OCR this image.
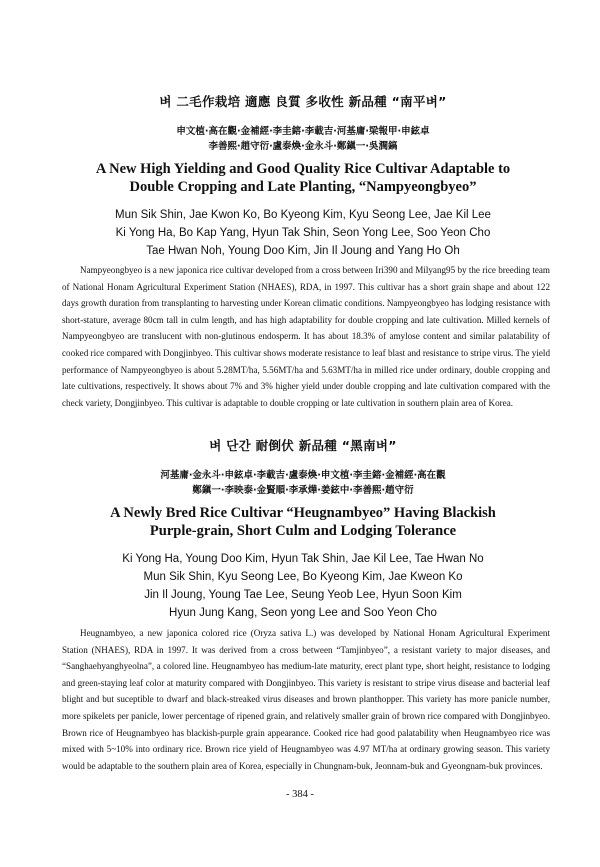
벼 二毛作栽培 適應 良質 多收性 新品種 “南平벼”

申文植·高在觀·金補經·李圭鎔·李載吉·河基庸·梁報甲·申鉉卓
李善熙·趙守衍·盧泰煥·金永斗·鄭鎭一·吳潤鎬

A New High Yielding and Good Quality Rice Cultivar Adaptable to
Double Cropping and Late Planting, “Nampyeongbyeo”

Mun Sik Shin, Jae Kwon Ko, Bo Kyeong Kim, Kyu Seong Lee, Jae Kil Lee
Ki Yong Ha, Bo Kap Yang, Hyun Tak Shin, Seon Yong Lee, Soo Yeon Cho
Tae Hwan Noh, Young Doo Kim, Jin Il Joung and Yang Ho Oh

Nampyeongbyeo is a new japonica rice cultivar developed from a cross between Iri390 and Milyang95 by the rice breeding team of National Honam Agricultural Experiment Station (NHAES), RDA, in 1997. This cultivar has a short grain shape and about 122 days growth duration from transplanting to harvesting under Korean climatic conditions. Nampyeongbyeo has lodging resistance with short-stature, average 80cm tall in culm length, and has high adaptability for double cropping and late cultivation. Milled kernels of Nampyeongbyeo are translucent with non-glutinous endosperm. It has about 18.3% of amylose content and similar palatability of cooked rice compared with Dongjinbyeo. This cultivar shows moderate resistance to leaf blast and resistance to stripe virus. The yield performance of Nampyeongbyeo is about 5.28MT/ha, 5.56MT/ha and 5.63MT/ha in milled rice under ordinary, double cropping and late cultivations, respectively. It shows about 7% and 3% higher yield under double cropping and late cultivation compared with the check variety, Dongjinbyeo. This cultivar is adaptable to double cropping or late cultivation in southern plain area of Korea.

벼 단간 耐倒伏 新品種 “黑南벼”

河基庸·金永斗·申鉉卓·李載吉·盧泰煥·申文植·李圭鎔·金補經·高在觀
鄭鎭一·李映泰·金賢順·李承燁·姜鉉中·李善熙·趙守衍

A Newly Bred Rice Cultivar “Heugnambyeo” Having Blackish
Purple-grain, Short Culm and Lodging Tolerance

Ki Yong Ha, Young Doo Kim, Hyun Tak Shin, Jae Kil Lee, Tae Hwan No
Mun Sik Shin, Kyu Seong Lee, Bo Kyeong Kim, Jae Kweon Ko
Jin Il Joung, Young Tae Lee, Seung Yeob Lee, Hyun Soon Kim
Hyun Jung Kang, Seon yong Lee and Soo Yeon Cho

Heugnambyeo, a new japonica colored rice (Oryza sativa L.) was developed by National Honam Agricultural Experiment Station (NHAES), RDA in 1997. It was derived from a cross between “Tamjinbyeo”, a resistant variety to major diseases, and “Sanghaehyanghyeolna”, a colored line. Heugnambyeo has medium-late maturity, erect plant type, short height, resistance to lodging and green-staying leaf color at maturity compared with Dongjinbyeo. This variety is resistant to stripe virus disease and bacterial leaf blight and but suceptible to dwarf and black-streaked virus diseases and brown planthopper. This variety has more panicle number, more spikelets per panicle, lower percentage of ripened grain, and relatively smaller grain of brown rice compared with Dongjinbyeo. Brown rice of Heugnambyeo has blackish-purple grain appearance. Cooked rice had good palatability when Heugnambyeo rice was mixed with 5~10% into ordinary rice. Brown rice yield of Heugnambyeo was 4.97 MT/ha at ordinary growing season. This variety would be adaptable to the southern plain area of Korea, especially in Chungnam-buk, Jeonnam-buk and Gyeongnam-buk provinces.

- 384 -
